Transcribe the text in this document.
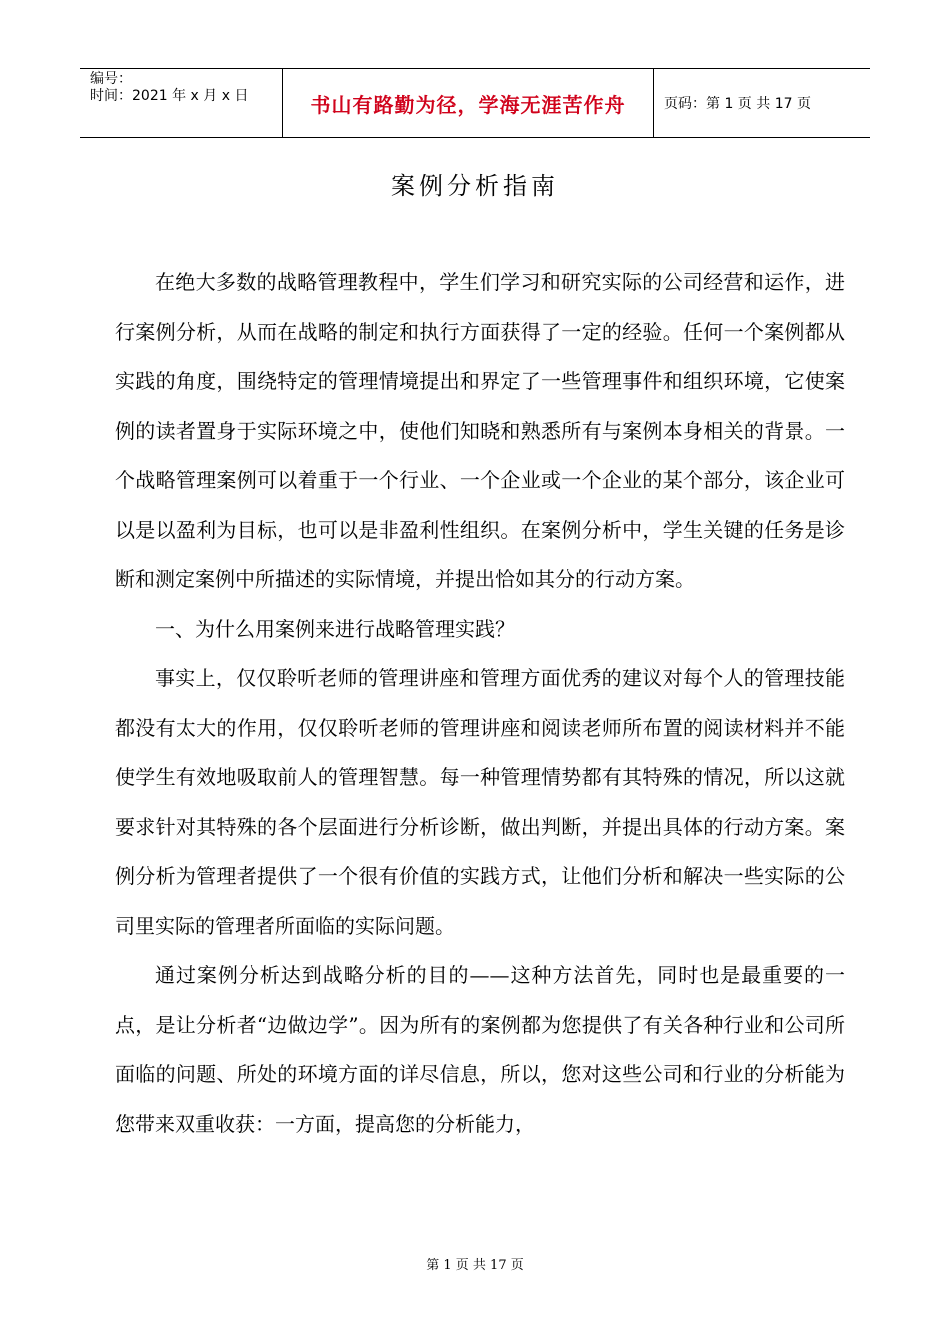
编号：
时间：2021 年 x 月 x 日	书山有路勤为径，学海无涯苦作舟	页码：第 1 页 共 17 页
案例分析指南

在绝大多数的战略管理教程中，学生们学习和研究实际的公司经营和运作，进行案例分析，从而在战略的制定和执行方面获得了一定的经验。任何一个案例都从实践的角度，围绕特定的管理情境提出和界定了一些管理事件和组织环境，它使案例的读者置身于实际环境之中，使他们知晓和熟悉所有与案例本身相关的背景。一个战略管理案例可以着重于一个行业、一个企业或一个企业的某个部分，该企业可以是以盈利为目标，也可以是非盈利性组织。在案例分析中，学生关键的任务是诊断和测定案例中所描述的实际情境，并提出恰如其分的行动方案。

一、为什么用案例来进行战略管理实践？

事实上，仅仅聆听老师的管理讲座和管理方面优秀的建议对每个人的管理技能都没有太大的作用，仅仅聆听老师的管理讲座和阅读老师所布置的阅读材料并不能使学生有效地吸取前人的管理智慧。每一种管理情势都有其特殊的情况，所以这就要求针对其特殊的各个层面进行分析诊断，做出判断，并提出具体的行动方案。案例分析为管理者提供了一个很有价值的实践方式，让他们分析和解决一些实际的公司里实际的管理者所面临的实际问题。

通过案例分析达到战略分析的目的——这种方法首先，同时也是最重要的一点，是让分析者“边做边学”。因为所有的案例都为您提供了有关各种行业和公司所面临的问题、所处的环境方面的详尽信息，所以，您对这些公司和行业的分析能为您带来双重收获：一方面，提高您的分析能力，

第 1 页 共 17 页
